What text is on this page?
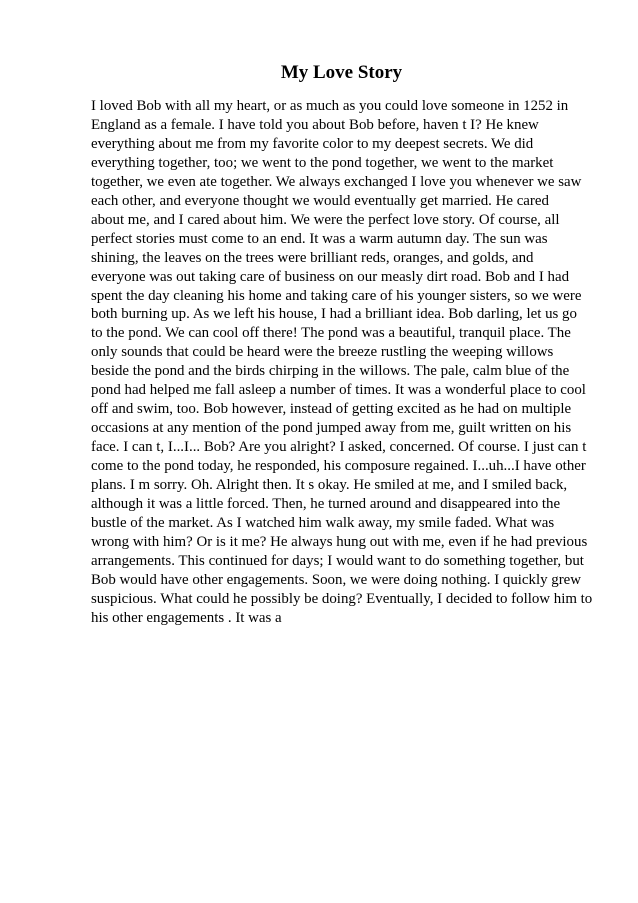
My Love Story
I loved Bob with all my heart, or as much as you could love someone in 1252 in
England as a female. I have told you about Bob before, haven t I? He knew
everything about me from my favorite color to my deepest secrets. We did
everything together, too; we went to the pond together, we went to the market
together, we even ate together. We always exchanged I love you whenever we saw
each other, and everyone thought we would eventually get married. He cared
about me, and I cared about him. We were the perfect love story. Of course, all
perfect stories must come to an end. It was a warm autumn day. The sun was
shining, the leaves on the trees were brilliant reds, oranges, and golds, and
everyone was out taking care of business on our measly dirt road. Bob and I had
spent the day cleaning his home and taking care of his younger sisters, so we were
both burning up. As we left his house, I had a brilliant idea. Bob darling, let us go
to the pond. We can cool off there! The pond was a beautiful, tranquil place. The
only sounds that could be heard were the breeze rustling the weeping willows
beside the pond and the birds chirping in the willows. The pale, calm blue of the
pond had helped me fall asleep a number of times. It was a wonderful place to cool
off and swim, too. Bob however, instead of getting excited as he had on multiple
occasions at any mention of the pond jumped away from me, guilt written on his
face. I can t, I...I... Bob? Are you alright? I asked, concerned. Of course. I just can t
come to the pond today, he responded, his composure regained. I...uh...I have other
plans. I m sorry. Oh. Alright then. It s okay. He smiled at me, and I smiled back,
although it was a little forced. Then, he turned around and disappeared into the
bustle of the market. As I watched him walk away, my smile faded. What was
wrong with him? Or is it me? He always hung out with me, even if he had previous
arrangements. This continued for days; I would want to do something together, but
Bob would have other engagements. Soon, we were doing nothing. I quickly grew
suspicious. What could he possibly be doing? Eventually, I decided to follow him to
his other engagements . It was a
